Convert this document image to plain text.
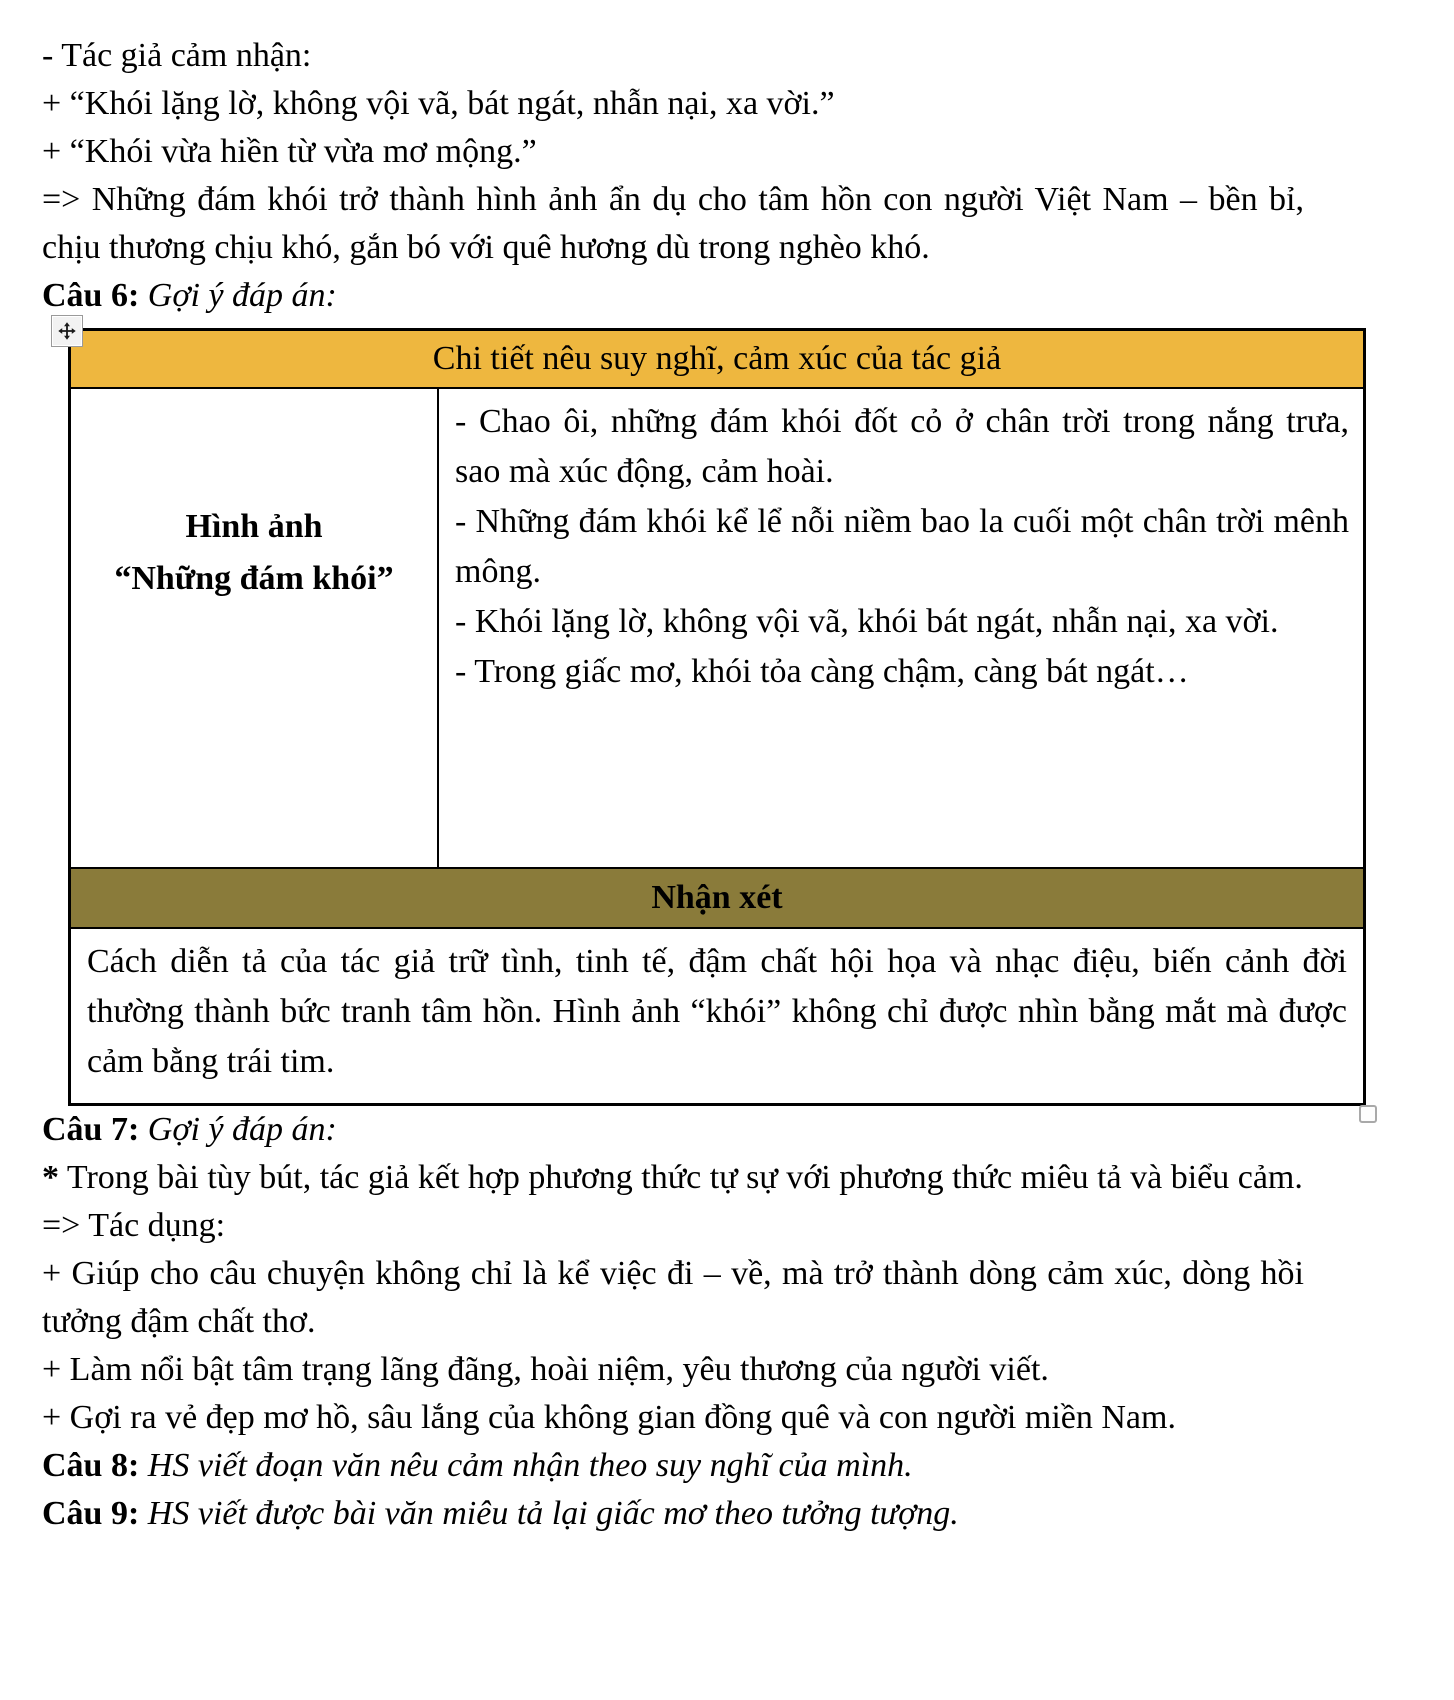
- Tác giả cảm nhận:

+ “Khói lặng lờ, không vội vã, bát ngát, nhẫn nại, xa vời.”

+ “Khói vừa hiền từ vừa mơ mộng.”

=> Những đám khói trở thành hình ảnh ẩn dụ cho tâm hồn con người Việt Nam – bền bỉ, chịu thương chịu khó, gắn bó với quê hương dù trong nghèo khó.

Câu 6: Gợi ý đáp án:

Chi tiết nêu suy nghĩ, cảm xúc của tác giả
Hình ảnh
“Những đám khói”

- Chao ôi, những đám khói đốt cỏ ở chân trời trong nắng trưa, sao mà xúc động, cảm hoài.

- Những đám khói kể lể nỗi niềm bao la cuối một chân trời mênh mông.

- Khói lặng lờ, không vội vã, khói bát ngát, nhẫn nại, xa vời.

- Trong giấc mơ, khói tỏa càng chậm, càng bát ngát…

Nhận xét
Cách diễn tả của tác giả trữ tình, tinh tế, đậm chất hội họa và nhạc điệu, biến cảnh đời thường thành bức tranh tâm hồn. Hình ảnh “khói” không chỉ được nhìn bằng mắt mà được cảm bằng trái tim.

Câu 7: Gợi ý đáp án:

* Trong bài tùy bút, tác giả kết hợp phương thức tự sự với phương thức miêu tả và biểu cảm.

=> Tác dụng:

+ Giúp cho câu chuyện không chỉ là kể việc đi – về, mà trở thành dòng cảm xúc, dòng hồi tưởng đậm chất thơ.

+ Làm nổi bật tâm trạng lãng đãng, hoài niệm, yêu thương của người viết.

+ Gợi ra vẻ đẹp mơ hồ, sâu lắng của không gian đồng quê và con người miền Nam.

Câu 8: HS viết đoạn văn nêu cảm nhận theo suy nghĩ của mình.

Câu 9: HS viết được bài văn miêu tả lại giấc mơ theo tưởng tượng.
